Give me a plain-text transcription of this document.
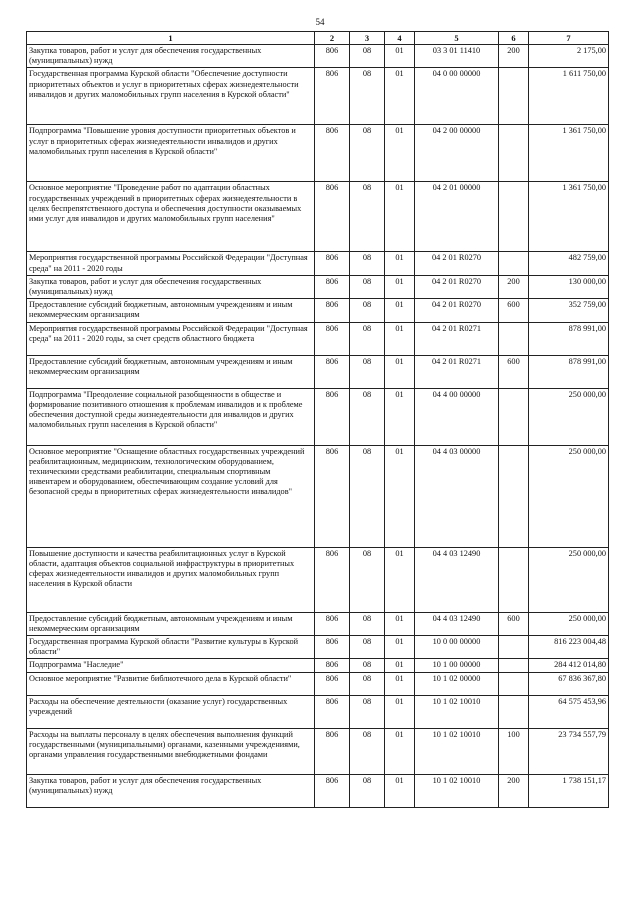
54
1	2	3	4	5	6	7
Закупка товаров, работ и услуг для обеспечения государственных (муниципальных) нужд	806	08	01	03 3 01 11410	200	2 175,00
Государственная программа Курской области "Обеспечение доступности приоритетных объектов и услуг в приоритетных сферах жизнедеятельности инвалидов и других маломобильных групп населения в Курской области"	806	08	01	04 0 00 00000		1 611 750,00
Подпрограмма "Повышение уровня доступности приоритетных объектов и услуг в приоритетных сферах жизнедеятельности инвалидов и других маломобильных групп населения в Курской области"	806	08	01	04 2 00 00000		1 361 750,00
Основное мероприятие "Проведение работ по адаптации областных государственных учреждений в приоритетных сферах жизнедеятельности в целях беспрепятственного доступа и обеспечения доступности оказываемых ими услуг для инвалидов и других маломобильных групп населения"	806	08	01	04 2 01 00000		1 361 750,00
Мероприятия государственной программы Российской Федерации "Доступная среда" на 2011 - 2020 годы	806	08	01	04 2 01 R0270		482 759,00
Закупка товаров, работ и услуг для обеспечения государственных (муниципальных) нужд	806	08	01	04 2 01 R0270	200	130 000,00
Предоставление субсидий бюджетным, автономным учреждениям и иным некоммерческим организациям	806	08	01	04 2 01 R0270	600	352 759,00
Мероприятия государственной программы Российской Федерации "Доступная среда" на 2011 - 2020 годы, за счет средств областного бюджета	806	08	01	04 2 01 R0271		878 991,00
Предоставление субсидий бюджетным, автономным учреждениям и иным некоммерческим организациям	806	08	01	04 2 01 R0271	600	878 991,00
Подпрограмма "Преодоление социальной разобщенности в обществе и формирование позитивного отношения к проблемам инвалидов и к проблеме обеспечения доступной среды жизнедеятельности для инвалидов и других маломобильных групп населения в Курской области"	806	08	01	04 4 00 00000		250 000,00
Основное мероприятие "Оснащение областных государственных учреждений реабилитационным, медицинским, технологическим оборудованием, техническими средствами реабилитации, специальным спортивным инвентарем и оборудованием, обеспечивающим создание условий для безопасной среды в приоритетных сферах жизнедеятельности инвалидов"	806	08	01	04 4 03 00000		250 000,00
Повышение доступности и качества реабилитационных услуг в Курской области, адаптация объектов социальной инфраструктуры в приоритетных сферах жизнедеятельности инвалидов и других маломобильных групп населения в Курской области	806	08	01	04 4 03 12490		250 000,00
Предоставление субсидий бюджетным, автономным учреждениям и иным некоммерческим организациям	806	08	01	04 4 03 12490	600	250 000,00
Государственная программа Курской области "Развитие культуры в Курской области"	806	08	01	10 0 00 00000		816 223 004,48
Подпрограмма "Наследие"	806	08	01	10 1 00 00000		284 412 014,80
Основное мероприятие "Развитие библиотечного дела в Курской области"	806	08	01	10 1 02 00000		67 836 367,80
Расходы на обеспечение деятельности (оказание услуг) государственных учреждений	806	08	01	10 1 02 10010		64 575 453,96
Расходы на выплаты персоналу в целях обеспечения выполнения функций государственными (муниципальными) органами, казенными учреждениями, органами управления государственными внебюджетными фондами	806	08	01	10 1 02 10010	100	23 734 557,79
Закупка товаров, работ и услуг для обеспечения государственных (муниципальных) нужд	806	08	01	10 1 02 10010	200	1 738 151,17
